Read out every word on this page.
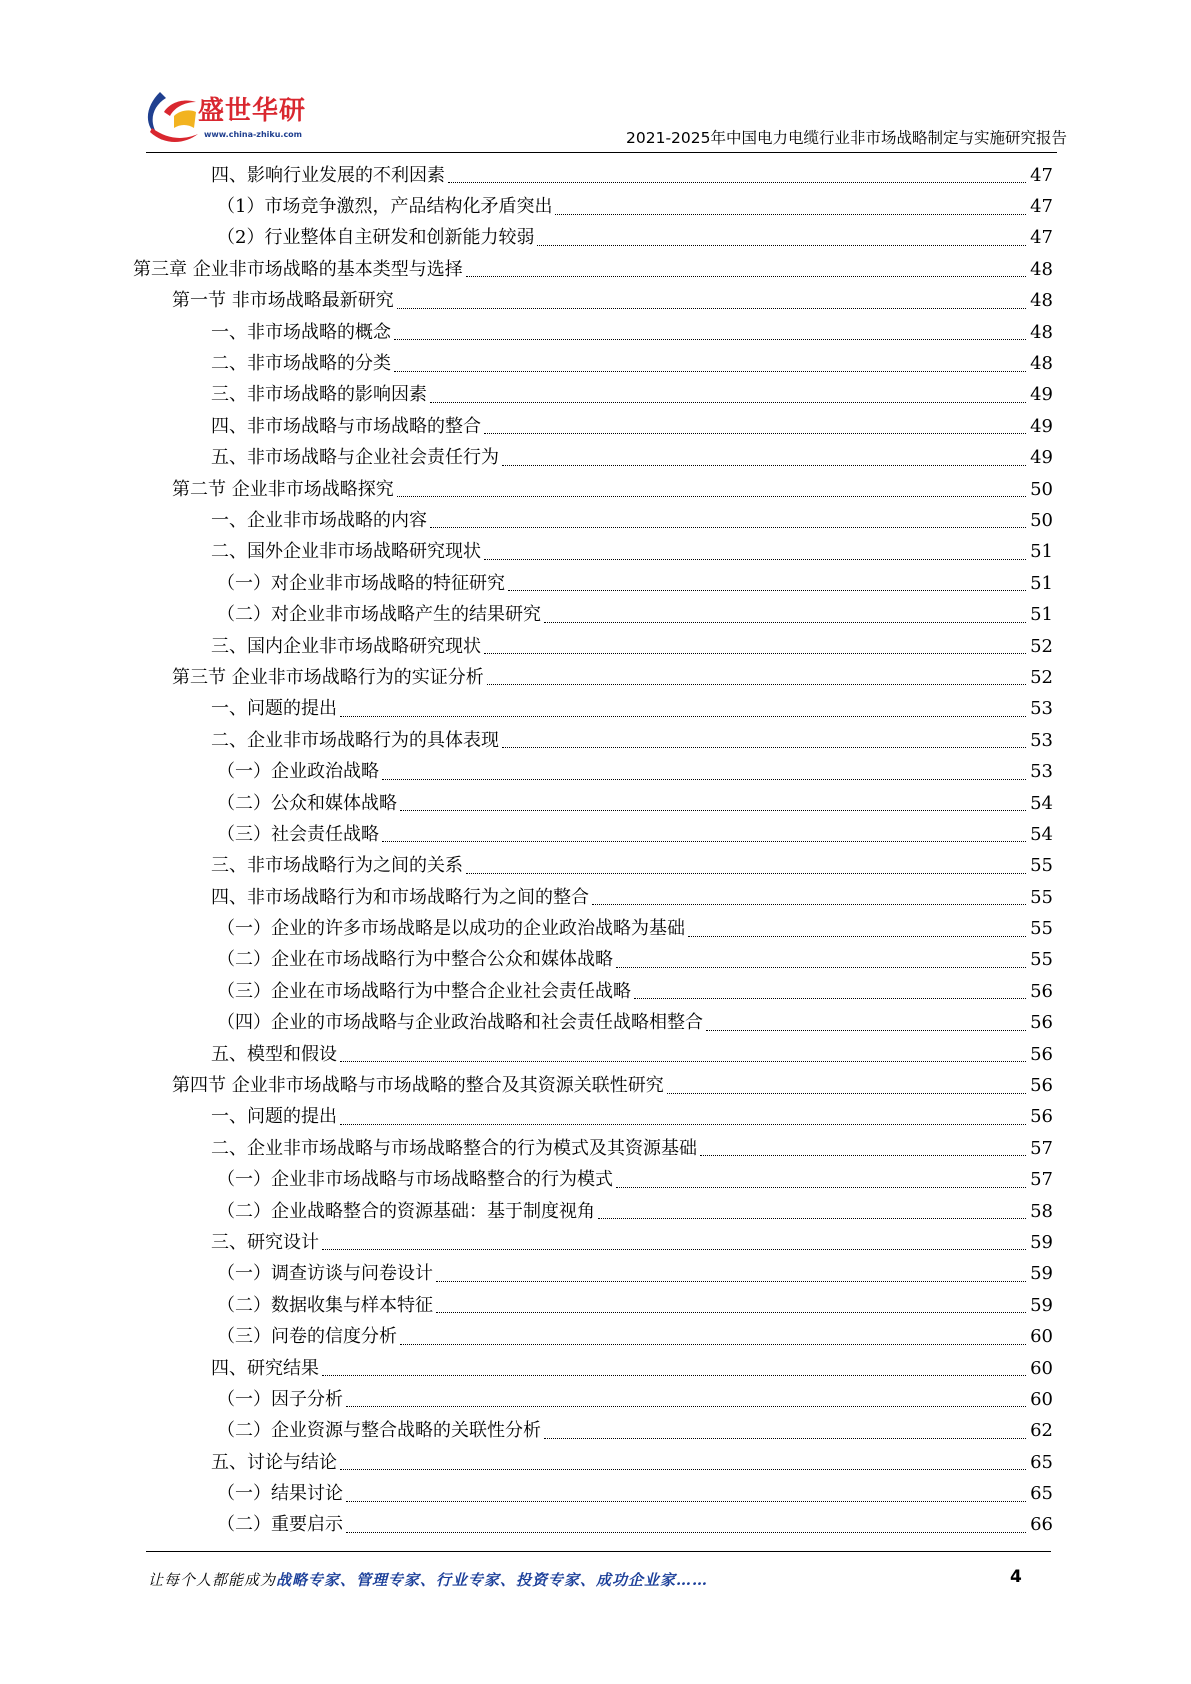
盛世华研
www.china-zhiku.com	2021-2025年中国电力电缆行业非市场战略制定与实施研究报告
四、影响行业发展的不利因素	47
（1）市场竞争激烈，产品结构化矛盾突出	47
（2）行业整体自主研发和创新能力较弱	47
第三章 企业非市场战略的基本类型与选择	48
第一节 非市场战略最新研究	48
一、非市场战略的概念	48
二、非市场战略的分类	48
三、非市场战略的影响因素	49
四、非市场战略与市场战略的整合	49
五、非市场战略与企业社会责任行为	49
第二节 企业非市场战略探究	50
一、企业非市场战略的内容	50
二、国外企业非市场战略研究现状	51
（一）对企业非市场战略的特征研究	51
（二）对企业非市场战略产生的结果研究	51
三、国内企业非市场战略研究现状	52
第三节 企业非市场战略行为的实证分析	52
一、问题的提出	53
二、企业非市场战略行为的具体表现	53
（一）企业政治战略	53
（二）公众和媒体战略	54
（三）社会责任战略	54
三、非市场战略行为之间的关系	55
四、非市场战略行为和市场战略行为之间的整合	55
（一）企业的许多市场战略是以成功的企业政治战略为基础	55
（二）企业在市场战略行为中整合公众和媒体战略	55
（三）企业在市场战略行为中整合企业社会责任战略	56
（四）企业的市场战略与企业政治战略和社会责任战略相整合	56
五、模型和假设	56
第四节 企业非市场战略与市场战略的整合及其资源关联性研究	56
一、问题的提出	56
二、企业非市场战略与市场战略整合的行为模式及其资源基础	57
（一）企业非市场战略与市场战略整合的行为模式	57
（二）企业战略整合的资源基础：基于制度视角	58
三、研究设计	59
（一）调查访谈与问卷设计	59
（二）数据收集与样本特征	59
（三）问卷的信度分析	60
四、研究结果	60
（一）因子分析	60
（二）企业资源与整合战略的关联性分析	62
五、讨论与结论	65
（一）结果讨论	65
（二）重要启示	66
让每个人都能成为战略专家、管理专家、行业专家、投资专家、成功企业家……	4
